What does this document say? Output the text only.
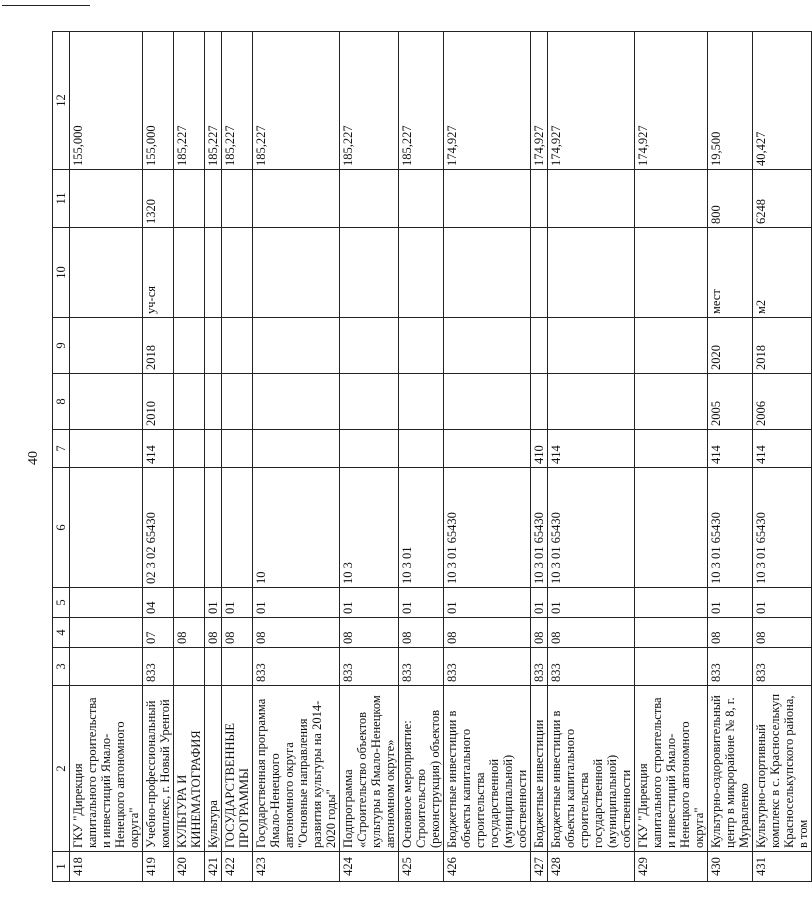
40
1	2	3	4	5	6	7	8	9	10	11	12
418	ГКУ "Дирекция капитального строительства и инвестиций Ямало-Ненецкого автономного округа"										155,000
419	Учебно-профессиональный комплекс, г. Новый Уренгой	833	07	04	02 3 02 65430	414	2010	2018	уч-ся	1320	155,000
420	КУЛЬТУРА И КИНЕМАТОГРАФИЯ		08								185,227
421	Культура		08	01							185,227
422	ГОСУДАРСТВЕННЫЕ ПРОГРАММЫ		08	01							185,227
423	Государственная программа Ямало-Ненецкого автономного округа "Основные направления развития культуры на 2014-2020 годы"	833	08	01	10						185,227
424	Подпрограмма «Строительство объектов культуры в Ямало-Ненецком автономном округе»	833	08	01	10 3						185,227
425	Основное мероприятие: Строительство (реконструкция) объектов	833	08	01	10 3 01						185,227
426	Бюджетные инвестиции в объекты капитального строительства государственной (муниципальной) собственности	833	08	01	10 3 01 65430						174,927
427	Бюджетные инвестиции	833	08	01	10 3 01 65430	410					174,927
428	Бюджетные инвестиции в объекты капитального строительства государственной (муниципальной) собственности	833	08	01	10 3 01 65430	414					174,927
429	ГКУ "Дирекция капитального строительства и инвестиций Ямало-Ненецкого автономного округа"										174,927
430	Культурно-оздоровительный центр в микрорайоне № 8, г. Муравленко	833	08	01	10 3 01 65430	414	2005	2020	мест	800	19,500
431	Культурно-спортивный комплекс в с. Красноселькуп Красноселькупского района, в том	833	08	01	10 3 01 65430	414	2006	2018	м2	6248	40,427
